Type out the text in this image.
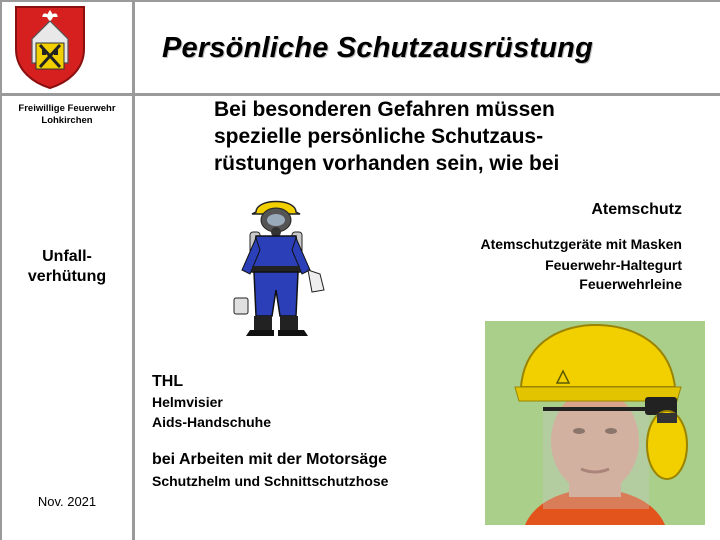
Persönliche Schutzausrüstung
Freiwillige Feuerwehr
Lohkirchen
Unfall-
verhütung
Nov. 2021
Bei besonderen Gefahren müssen
spezielle persönliche Schutzaus-
rüstungen vorhanden sein, wie bei
Atemschutz
Atemschutzgeräte mit Masken
Feuerwehr-Haltegurt
Feuerwehrleine
THL
Helmvisier
Aids-Handschuhe
bei Arbeiten mit der Motorsäge
Schutzhelm und Schnittschutzhose
